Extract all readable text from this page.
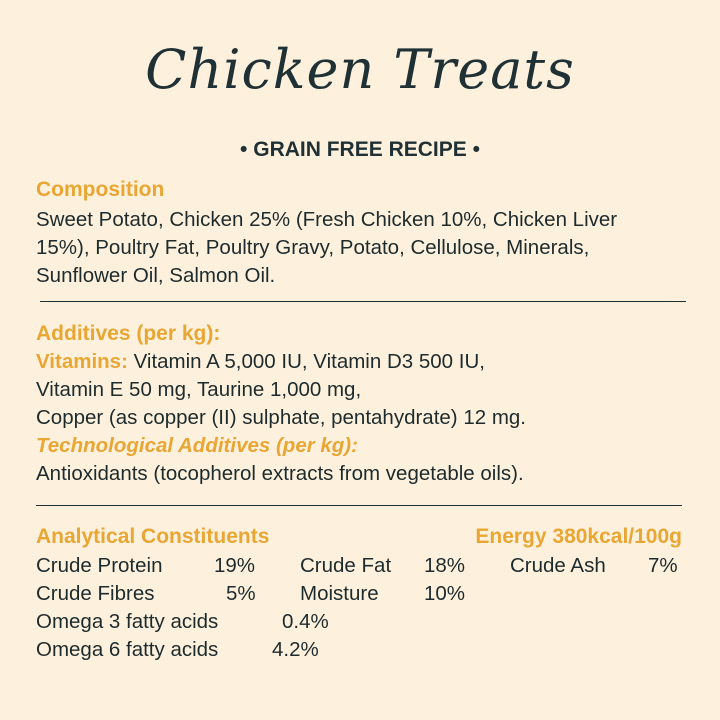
Chicken Treats
• GRAIN FREE RECIPE •
Composition
Sweet Potato, Chicken 25% (Fresh Chicken 10%, Chicken Liver
15%), Poultry Fat, Poultry Gravy, Potato, Cellulose, Minerals,
Sunflower Oil, Salmon Oil.
Additives (per kg):
Vitamins: Vitamin A 5,000 IU, Vitamin D3 500 IU,
Vitamin E 50 mg, Taurine 1,000 mg,
Copper (as copper (II) sulphate, pentahydrate) 12 mg.
Technological Additives (per kg):
Antioxidants (tocopherol extracts from vegetable oils).
Analytical Constituents	Energy 380kcal/100g
Crude Protein	19% Crude Fat 18% Crude Ash 7%
Crude Fibres	5% Moisture 10%
Omega 3 fatty acids	0.4%
Omega 6 fatty acids	4.2%
